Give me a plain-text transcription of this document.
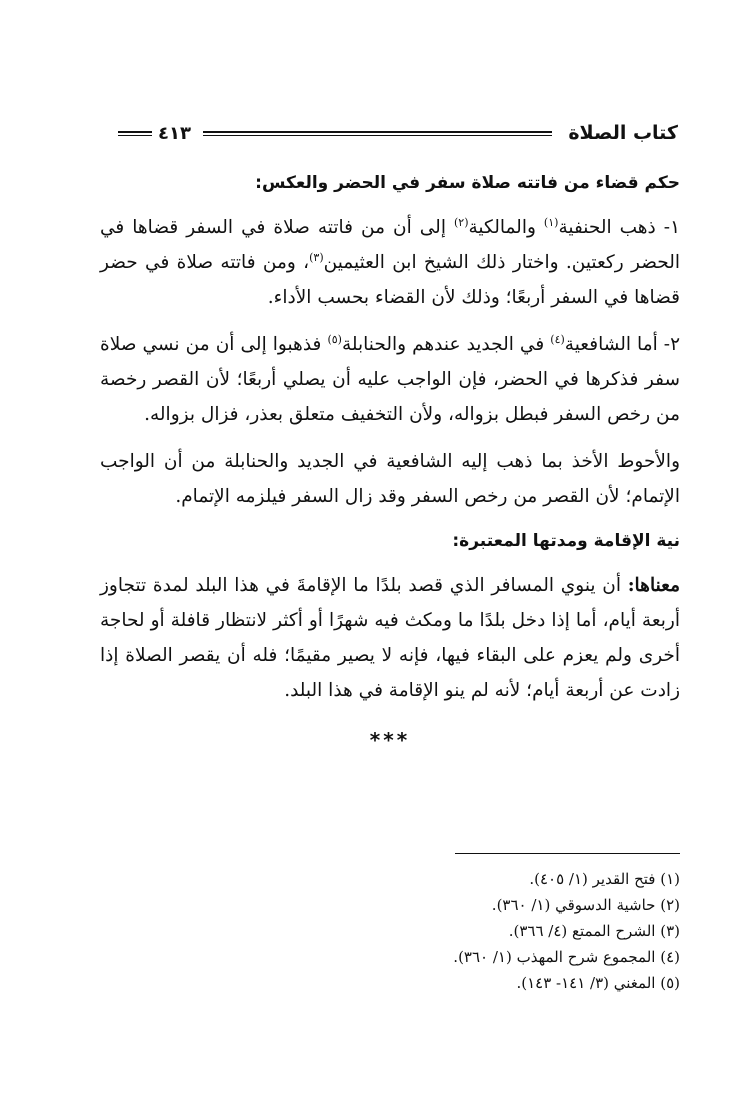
كتاب الصلاة
٤١٣
حكم قضاء من فاتته صلاة سفر في الحضر والعكس:

١- ذهب الحنفية$^{(١)}$ والمالكية$^{(٢)}$ إلى أن من فاتته صلاة في السفر قضاها في الحضر ركعتين. واختار ذلك الشيخ ابن العثيمين$^{(٣)}$، ومن فاتته صلاة في حضر قضاها في السفر أربعًا؛ وذلك لأن القضاء بحسب الأداء.

٢- أما الشافعية$^{(٤)}$ في الجديد عندهم والحنابلة$^{(٥)}$ فذهبوا إلى أن من نسي صلاة سفر فذكرها في الحضر، فإن الواجب عليه أن يصلي أربعًا؛ لأن القصر رخصة من رخص السفر فبطل بزواله، ولأن التخفيف متعلق بعذر، فزال بزواله.

والأحوط الأخذ بما ذهب إليه الشافعية في الجديد والحنابلة من أن الواجب الإتمام؛ لأن القصر من رخص السفر وقد زال السفر فيلزمه الإتمام.

نية الإقامة ومدتها المعتبرة:

معناها: أن ينوي المسافر الذي قصد بلدًا ما الإقامةَ في هذا البلد لمدة تتجاوز أربعة أيام، أما إذا دخل بلدًا ما ومكث فيه شهرًا أو أكثر لانتظار قافلة أو لحاجة أخرى ولم يعزم على البقاء فيها، فإنه لا يصير مقيمًا؛ فله أن يقصر الصلاة إذا زادت عن أربعة أيام؛ لأنه لم ينو الإقامة في هذا البلد.

***
(١) فتح القدير (١/ ٤٠٥).
(٢) حاشية الدسوقي (١/ ٣٦٠).
(٣) الشرح الممتع (٤/ ٣٦٦).
(٤) المجموع شرح المهذب (١/ ٣٦٠).
(٥) المغني (٣/ ١٤١- ١٤٣).
